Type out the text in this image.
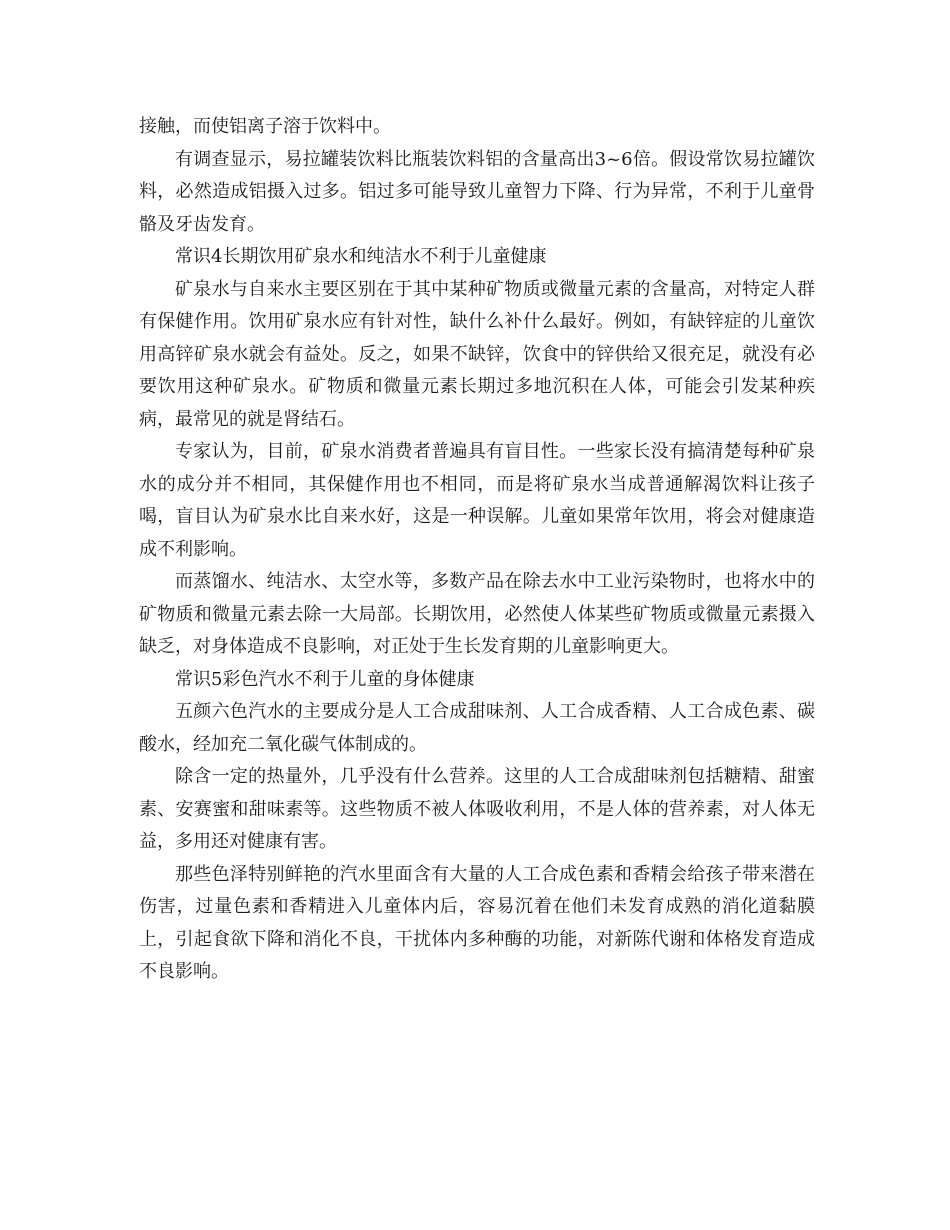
接触，而使铝离子溶于饮料中。

有调查显示，易拉罐装饮料比瓶装饮料铝的含量高出3~6倍。假设常饮易拉罐饮料，必然造成铝摄入过多。铝过多可能导致儿童智力下降、行为异常，不利于儿童骨骼及牙齿发育。

常识4长期饮用矿泉水和纯洁水不利于儿童健康

矿泉水与自来水主要区别在于其中某种矿物质或微量元素的含量高，对特定人群有保健作用。饮用矿泉水应有针对性，缺什么补什么最好。例如，有缺锌症的儿童饮用高锌矿泉水就会有益处。反之，如果不缺锌，饮食中的锌供给又很充足，就没有必要饮用这种矿泉水。矿物质和微量元素长期过多地沉积在人体，可能会引发某种疾病，最常见的就是肾结石。

专家认为，目前，矿泉水消费者普遍具有盲目性。一些家长没有搞清楚每种矿泉水的成分并不相同，其保健作用也不相同，而是将矿泉水当成普通解渴饮料让孩子喝，盲目认为矿泉水比自来水好，这是一种误解。儿童如果常年饮用，将会对健康造成不利影响。

而蒸馏水、纯洁水、太空水等，多数产品在除去水中工业污染物时，也将水中的矿物质和微量元素去除一大局部。长期饮用，必然使人体某些矿物质或微量元素摄入缺乏，对身体造成不良影响，对正处于生长发育期的儿童影响更大。

常识5彩色汽水不利于儿童的身体健康

五颜六色汽水的主要成分是人工合成甜味剂、人工合成香精、人工合成色素、碳酸水，经加充二氧化碳气体制成的。

除含一定的热量外，几乎没有什么营养。这里的人工合成甜味剂包括糖精、甜蜜素、安赛蜜和甜味素等。这些物质不被人体吸收利用，不是人体的营养素，对人体无益，多用还对健康有害。

那些色泽特别鲜艳的汽水里面含有大量的人工合成色素和香精会给孩子带来潜在伤害，过量色素和香精进入儿童体内后，容易沉着在他们未发育成熟的消化道黏膜上，引起食欲下降和消化不良，干扰体内多种酶的功能，对新陈代谢和体格发育造成不良影响。
